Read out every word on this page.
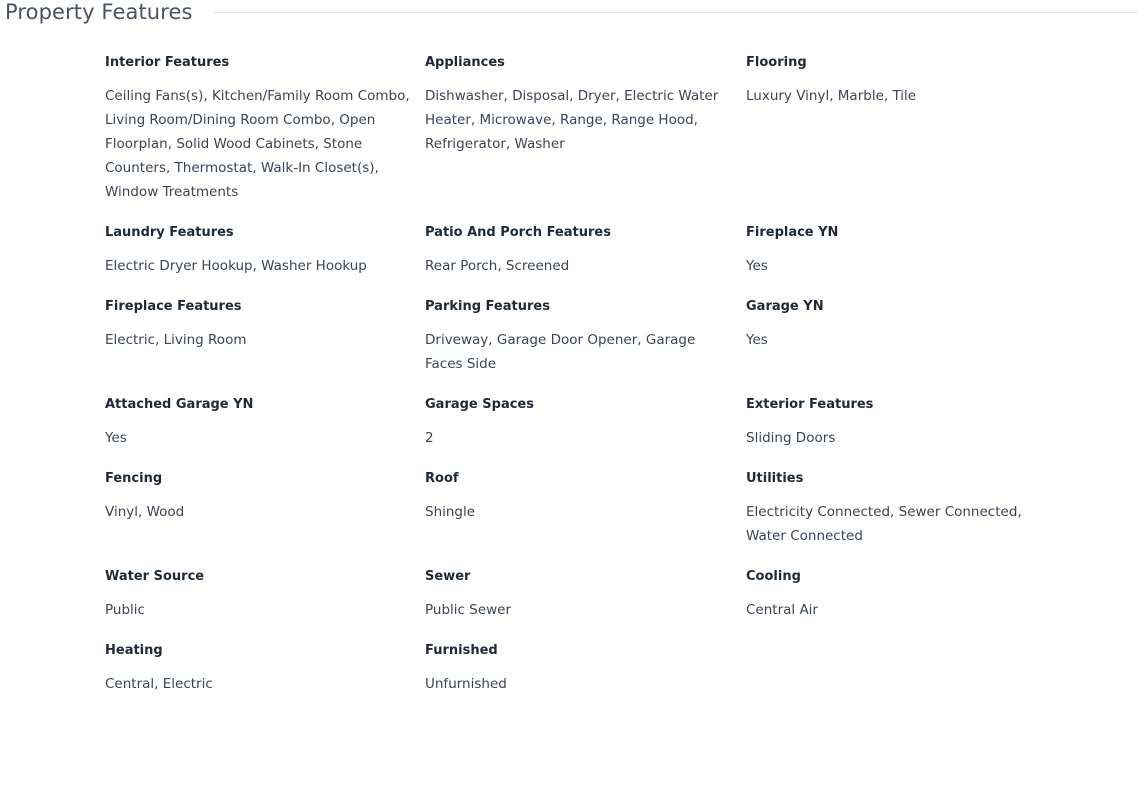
Property Features
Interior Features
Ceiling Fans(s), Kitchen/Family Room Combo, Living Room/Dining Room Combo, Open Floorplan, Solid Wood Cabinets, Stone Counters, Thermostat, Walk-In Closet(s), Window Treatments
Appliances
Dishwasher, Disposal, Dryer, Electric Water Heater, Microwave, Range, Range Hood, Refrigerator, Washer
Flooring
Luxury Vinyl, Marble, Tile
Laundry Features
Electric Dryer Hookup, Washer Hookup
Patio And Porch Features
Rear Porch, Screened
Fireplace YN
Yes
Fireplace Features
Electric, Living Room
Parking Features
Driveway, Garage Door Opener, Garage Faces Side
Garage YN
Yes
Attached Garage YN
Yes
Garage Spaces
2
Exterior Features
Sliding Doors
Fencing
Vinyl, Wood
Roof
Shingle
Utilities
Electricity Connected, Sewer Connected, Water Connected
Water Source
Public
Sewer
Public Sewer
Cooling
Central Air
Heating
Central, Electric
Furnished
Unfurnished
